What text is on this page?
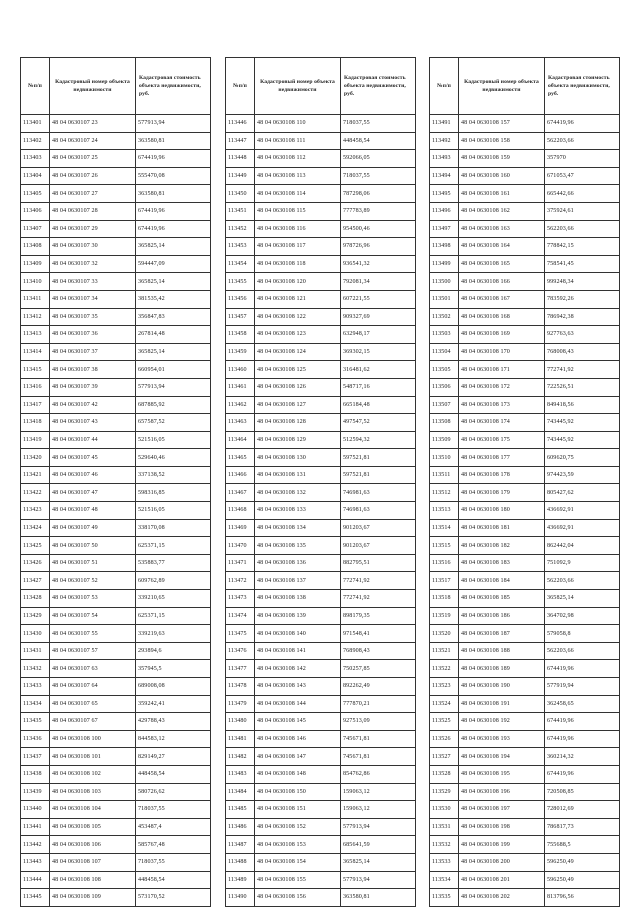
№п/п	Кадастровый номер объекта недвижимости	Кадастровая стоимость объекта недвижимости, руб.
113401	48 04 0630107 23	577913,94
113402	48 04 0630107 24	363580,81
113403	48 04 0630107 25	674419,96
113404	48 04 0630107 26	555470,08
113405	48 04 0630107 27	363580,81
113406	48 04 0630107 28	674419,96
113407	48 04 0630107 29	674419,96
113408	48 04 0630107 30	365825,14
113409	48 04 0630107 32	594447,09
113410	48 04 0630107 33	365825,14
113411	48 04 0630107 34	381535,42
113412	48 04 0630107 35	356847,83
113413	48 04 0630107 36	267814,48
113414	48 04 0630107 37	365825,14
113415	48 04 0630107 38	660954,01
113416	48 04 0630107 39	577913,94
113417	48 04 0630107 42	687885,92
113418	48 04 0630107 43	657587,52
113419	48 04 0630107 44	521516,05
113420	48 04 0630107 45	529640,46
113421	48 04 0630107 46	337138,52
113422	48 04 0630107 47	598316,85
113423	48 04 0630107 48	521516,05
113424	48 04 0630107 49	338170,08
113425	48 04 0630107 50	625371,15
113426	48 04 0630107 51	535883,77
113427	48 04 0630107 52	609762,89
113428	48 04 0630107 53	339210,65
113429	48 04 0630107 54	625371,15
113430	48 04 0630107 55	339219,63
113431	48 04 0630107 57	293894,6
113432	48 04 0630107 63	357945,5
113433	48 04 0630107 64	689008,08
113434	48 04 0630107 65	359242,41
113435	48 04 0630107 67	429788,43
113436	48 04 0630108 100	844583,12
113437	48 04 0630108 101	829149,27
113438	48 04 0630108 102	448458,54
113439	48 04 0630108 103	580726,62
113440	48 04 0630108 104	718037,55
113441	48 04 0630108 105	453487,4
113442	48 04 0630108 106	585767,48
113443	48 04 0630108 107	718037,55
113444	48 04 0630108 108	448458,54
113445	48 04 0630108 109	573170,52
№п/п	Кадастровый номер объекта недвижимости	Кадастровая стоимость объекта недвижимости, руб.
113446	48 04 0630108 110	718037,55
113447	48 04 0630108 111	448458,54
113448	48 04 0630108 112	592066,05
113449	48 04 0630108 113	718037,55
113450	48 04 0630108 114	787298,06
113451	48 04 0630108 115	777783,89
113452	48 04 0630108 116	954500,46
113453	48 04 0630108 117	978726,96
113454	48 04 0630108 118	936541,32
113455	48 04 0630108 120	792081,34
113456	48 04 0630108 121	607221,55
113457	48 04 0630108 122	909327,69
113458	48 04 0630108 123	632948,17
113459	48 04 0630108 124	369302,15
113460	48 04 0630108 125	316481,62
113461	48 04 0630108 126	548717,16
113462	48 04 0630108 127	665184,48
113463	48 04 0630108 128	497547,52
113464	48 04 0630108 129	512594,32
113465	48 04 0630108 130	597521,81
113466	48 04 0630108 131	597521,81
113467	48 04 0630108 132	746981,63
113468	48 04 0630108 133	746981,63
113469	48 04 0630108 134	901203,67
113470	48 04 0630108 135	901203,67
113471	48 04 0630108 136	882795,51
113472	48 04 0630108 137	772741,92
113473	48 04 0630108 138	772741,92
113474	48 04 0630108 139	898179,35
113475	48 04 0630108 140	971548,41
113476	48 04 0630108 141	768908,43
113477	48 04 0630108 142	750257,85
113478	48 04 0630108 143	892262,49
113479	48 04 0630108 144	777870,21
113480	48 04 0630108 145	927513,09
113481	48 04 0630108 146	745671,81
113482	48 04 0630108 147	745671,81
113483	48 04 0630108 148	854762,86
113484	48 04 0630108 150	159063,12
113485	48 04 0630108 151	159063,12
113486	48 04 0630108 152	577913,94
113487	48 04 0630108 153	685641,59
113488	48 04 0630108 154	365825,14
113489	48 04 0630108 155	577913,94
113490	48 04 0630108 156	363580,81
№п/п	Кадастровый номер объекта недвижимости	Кадастровая стоимость объекта недвижимости, руб.
113491	48 04 0630108 157	674419,96
113492	48 04 0630108 158	562203,66
113493	48 04 0630108 159	357970
113494	48 04 0630108 160	671053,47
113495	48 04 0630108 161	665442,66
113496	48 04 0630108 162	375924,61
113497	48 04 0630108 163	562203,66
113498	48 04 0630108 164	778842,15
113499	48 04 0630108 165	758541,45
113500	48 04 0630108 166	999248,34
113501	48 04 0630108 167	783592,26
113502	48 04 0630108 168	786942,38
113503	48 04 0630108 169	927763,63
113504	48 04 0630108 170	768008,43
113505	48 04 0630108 171	772741,92
113506	48 04 0630108 172	722526,51
113507	48 04 0630108 173	849418,56
113508	48 04 0630108 174	743445,92
113509	48 04 0630108 175	743445,92
113510	48 04 0630108 177	609620,75
113511	48 04 0630108 178	974423,59
113512	48 04 0630108 179	805427,62
113513	48 04 0630108 180	436692,91
113514	48 04 0630108 181	436692,91
113515	48 04 0630108 182	862442,04
113516	48 04 0630108 183	751092,9
113517	48 04 0630108 184	562203,66
113518	48 04 0630108 185	365825,14
113519	48 04 0630108 186	364702,98
113520	48 04 0630108 187	579058,8
113521	48 04 0630108 188	562203,66
113522	48 04 0630108 189	674419,96
113523	48 04 0630108 190	577919,94
113524	48 04 0630108 191	362458,65
113525	48 04 0630108 192	674419,96
113526	48 04 0630108 193	674419,96
113527	48 04 0630108 194	360214,32
113528	48 04 0630108 195	674419,96
113529	48 04 0630108 196	720508,85
113530	48 04 0630108 197	728012,69
113531	48 04 0630108 198	786817,73
113532	48 04 0630108 199	755688,5
113533	48 04 0630108 200	596250,49
113534	48 04 0630108 201	596250,49
113535	48 04 0630108 202	813796,56
